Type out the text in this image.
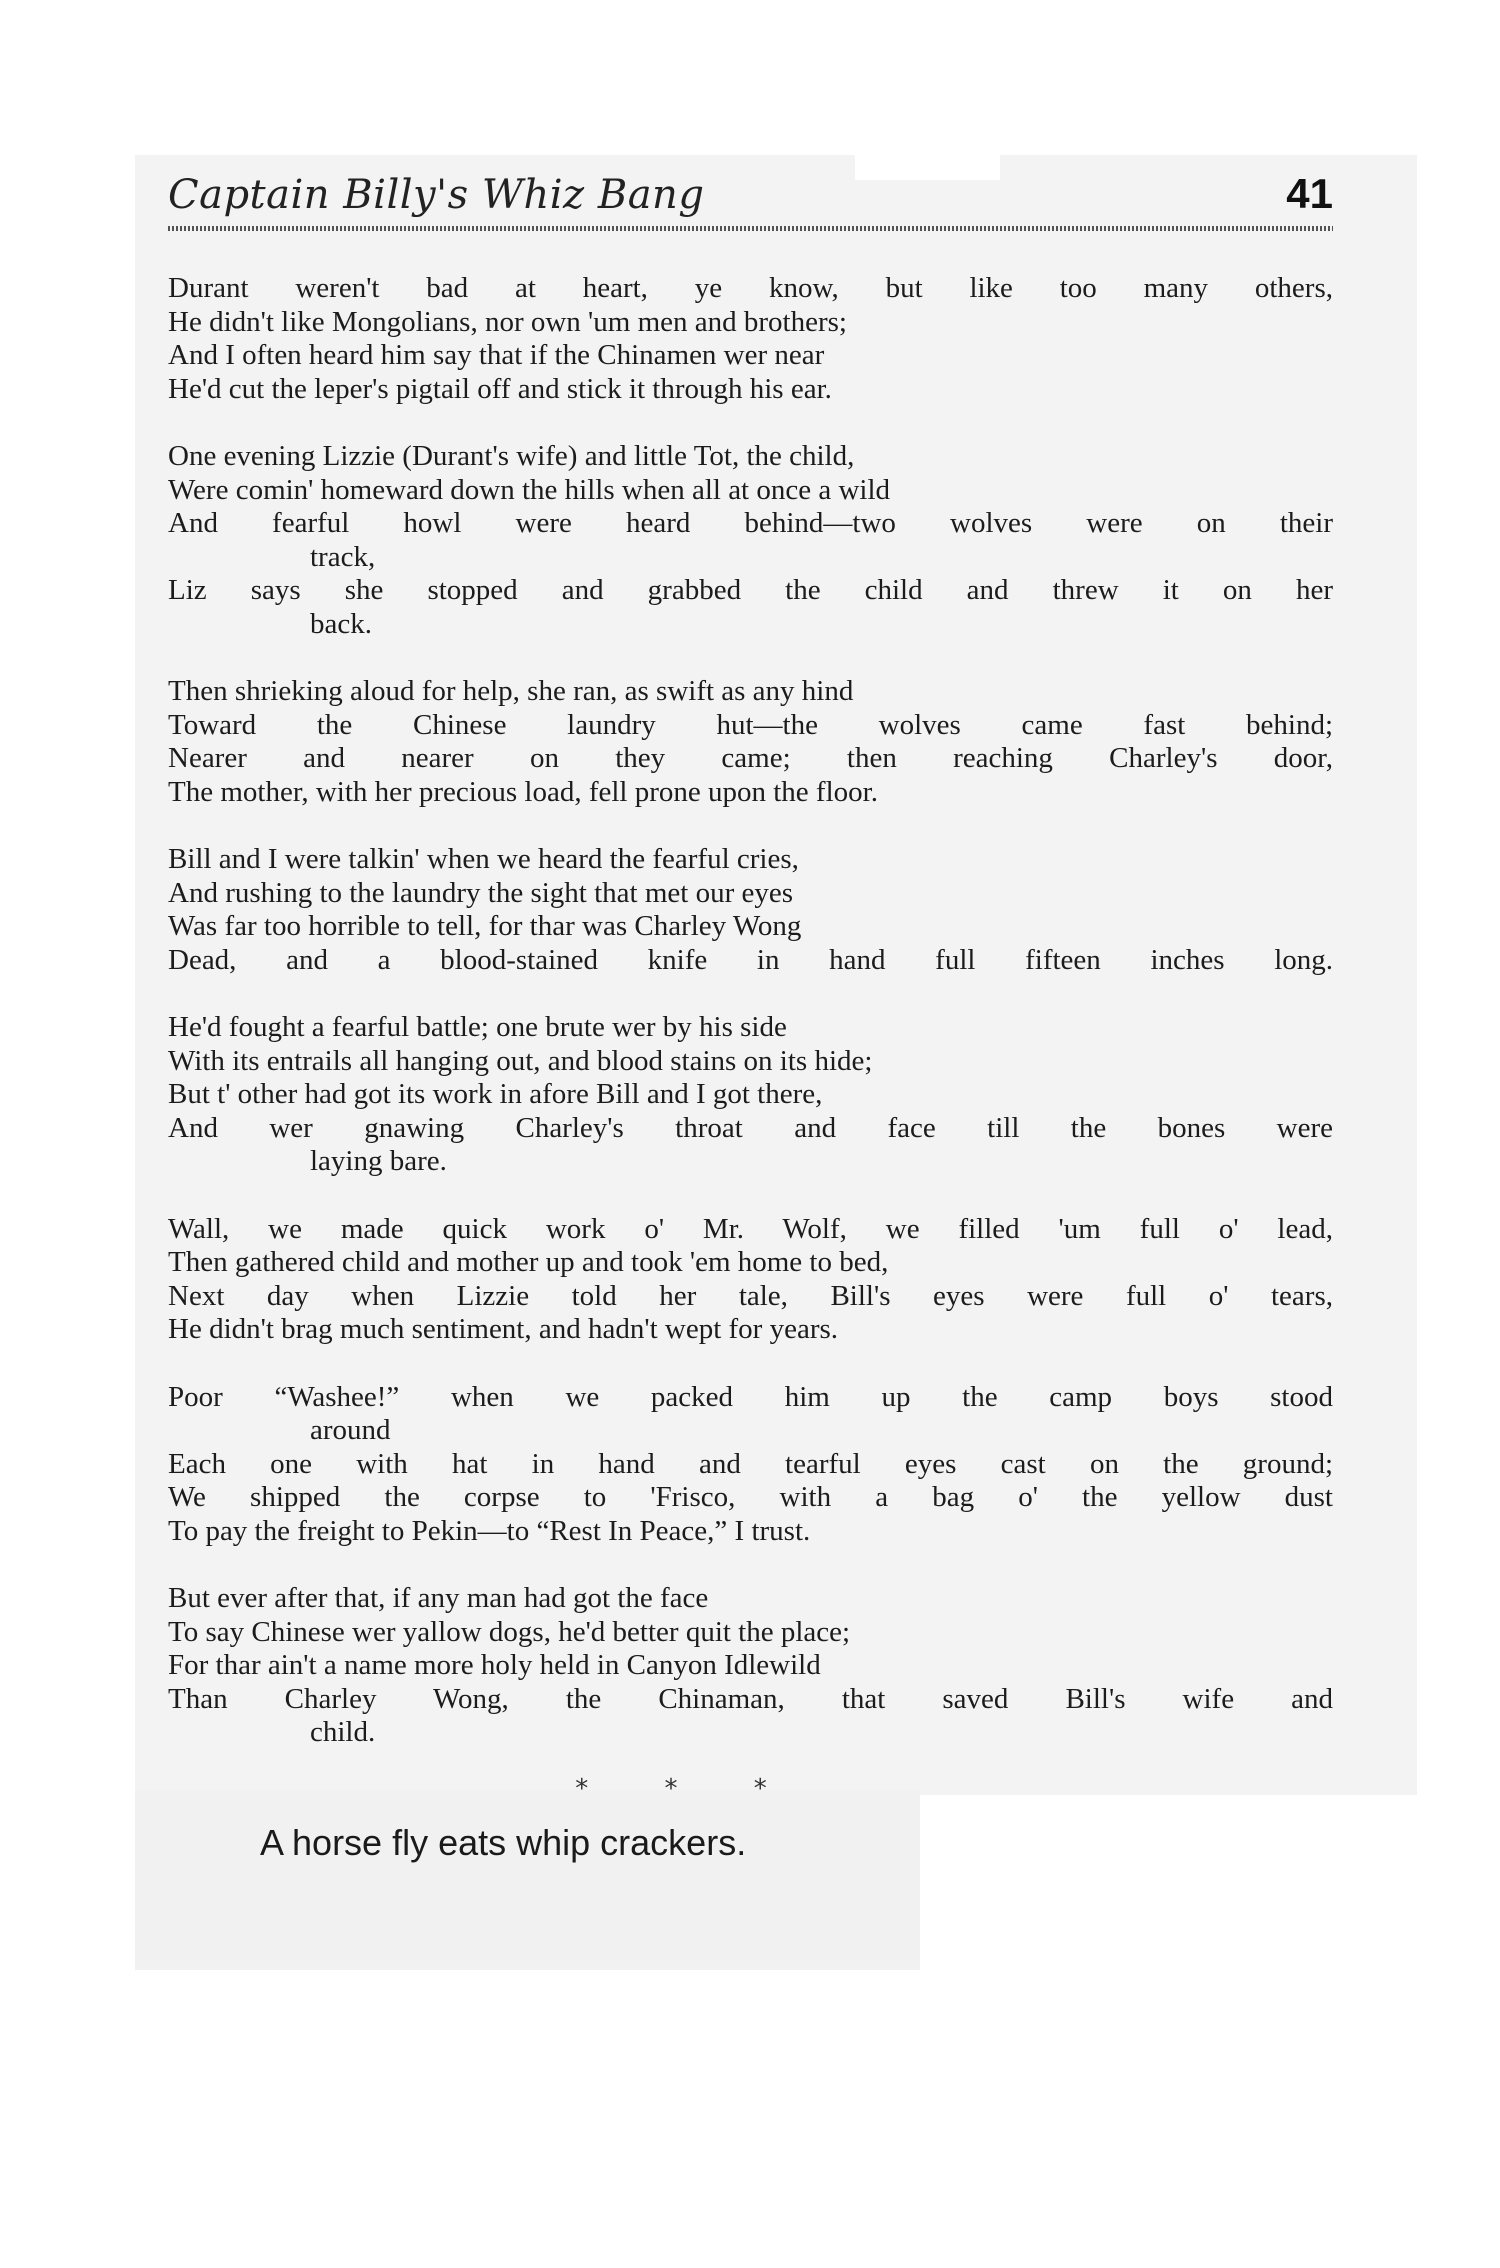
Captain Billy's Whiz Bang	41
Durant weren't bad at heart, ye know, but like too many others,
He didn't like Mongolians, nor own 'um men and brothers;
And I often heard him say that if the Chinamen wer near
He'd cut the leper's pigtail off and stick it through his ear.
One evening Lizzie (Durant's wife) and little Tot, the child,
Were comin' homeward down the hills when all at once a wild
And fearful howl were heard behind—two wolves were on their
track,
Liz says she stopped and grabbed the child and threw it on her
back.
Then shrieking aloud for help, she ran, as swift as any hind
Toward the Chinese laundry hut—the wolves came fast behind;
Nearer and nearer on they came; then reaching Charley's door,
The mother, with her precious load, fell prone upon the floor.
Bill and I were talkin' when we heard the fearful cries,
And rushing to the laundry the sight that met our eyes
Was far too horrible to tell, for thar was Charley Wong
Dead, and a blood-stained knife in hand full fifteen inches long.
He'd fought a fearful battle; one brute wer by his side
With its entrails all hanging out, and blood stains on its hide;
But t' other had got its work in afore Bill and I got there,
And wer gnawing Charley's throat and face till the bones were
laying bare.
Wall, we made quick work o' Mr. Wolf, we filled 'um full o' lead,
Then gathered child and mother up and took 'em home to bed,
Next day when Lizzie told her tale, Bill's eyes were full o' tears,
He didn't brag much sentiment, and hadn't wept for years.
Poor “Washee!” when we packed him up the camp boys stood
around
Each one with hat in hand and tearful eyes cast on the ground;
We shipped the corpse to 'Frisco, with a bag o' the yellow dust
To pay the freight to Pekin—to “Rest In Peace,” I trust.
But ever after that, if any man had got the face
To say Chinese wer yallow dogs, he'd better quit the place;
For thar ain't a name more holy held in Canyon Idlewild
Than Charley Wong, the Chinaman, that saved Bill's wife and
child.
* * *
A horse fly eats whip crackers.
